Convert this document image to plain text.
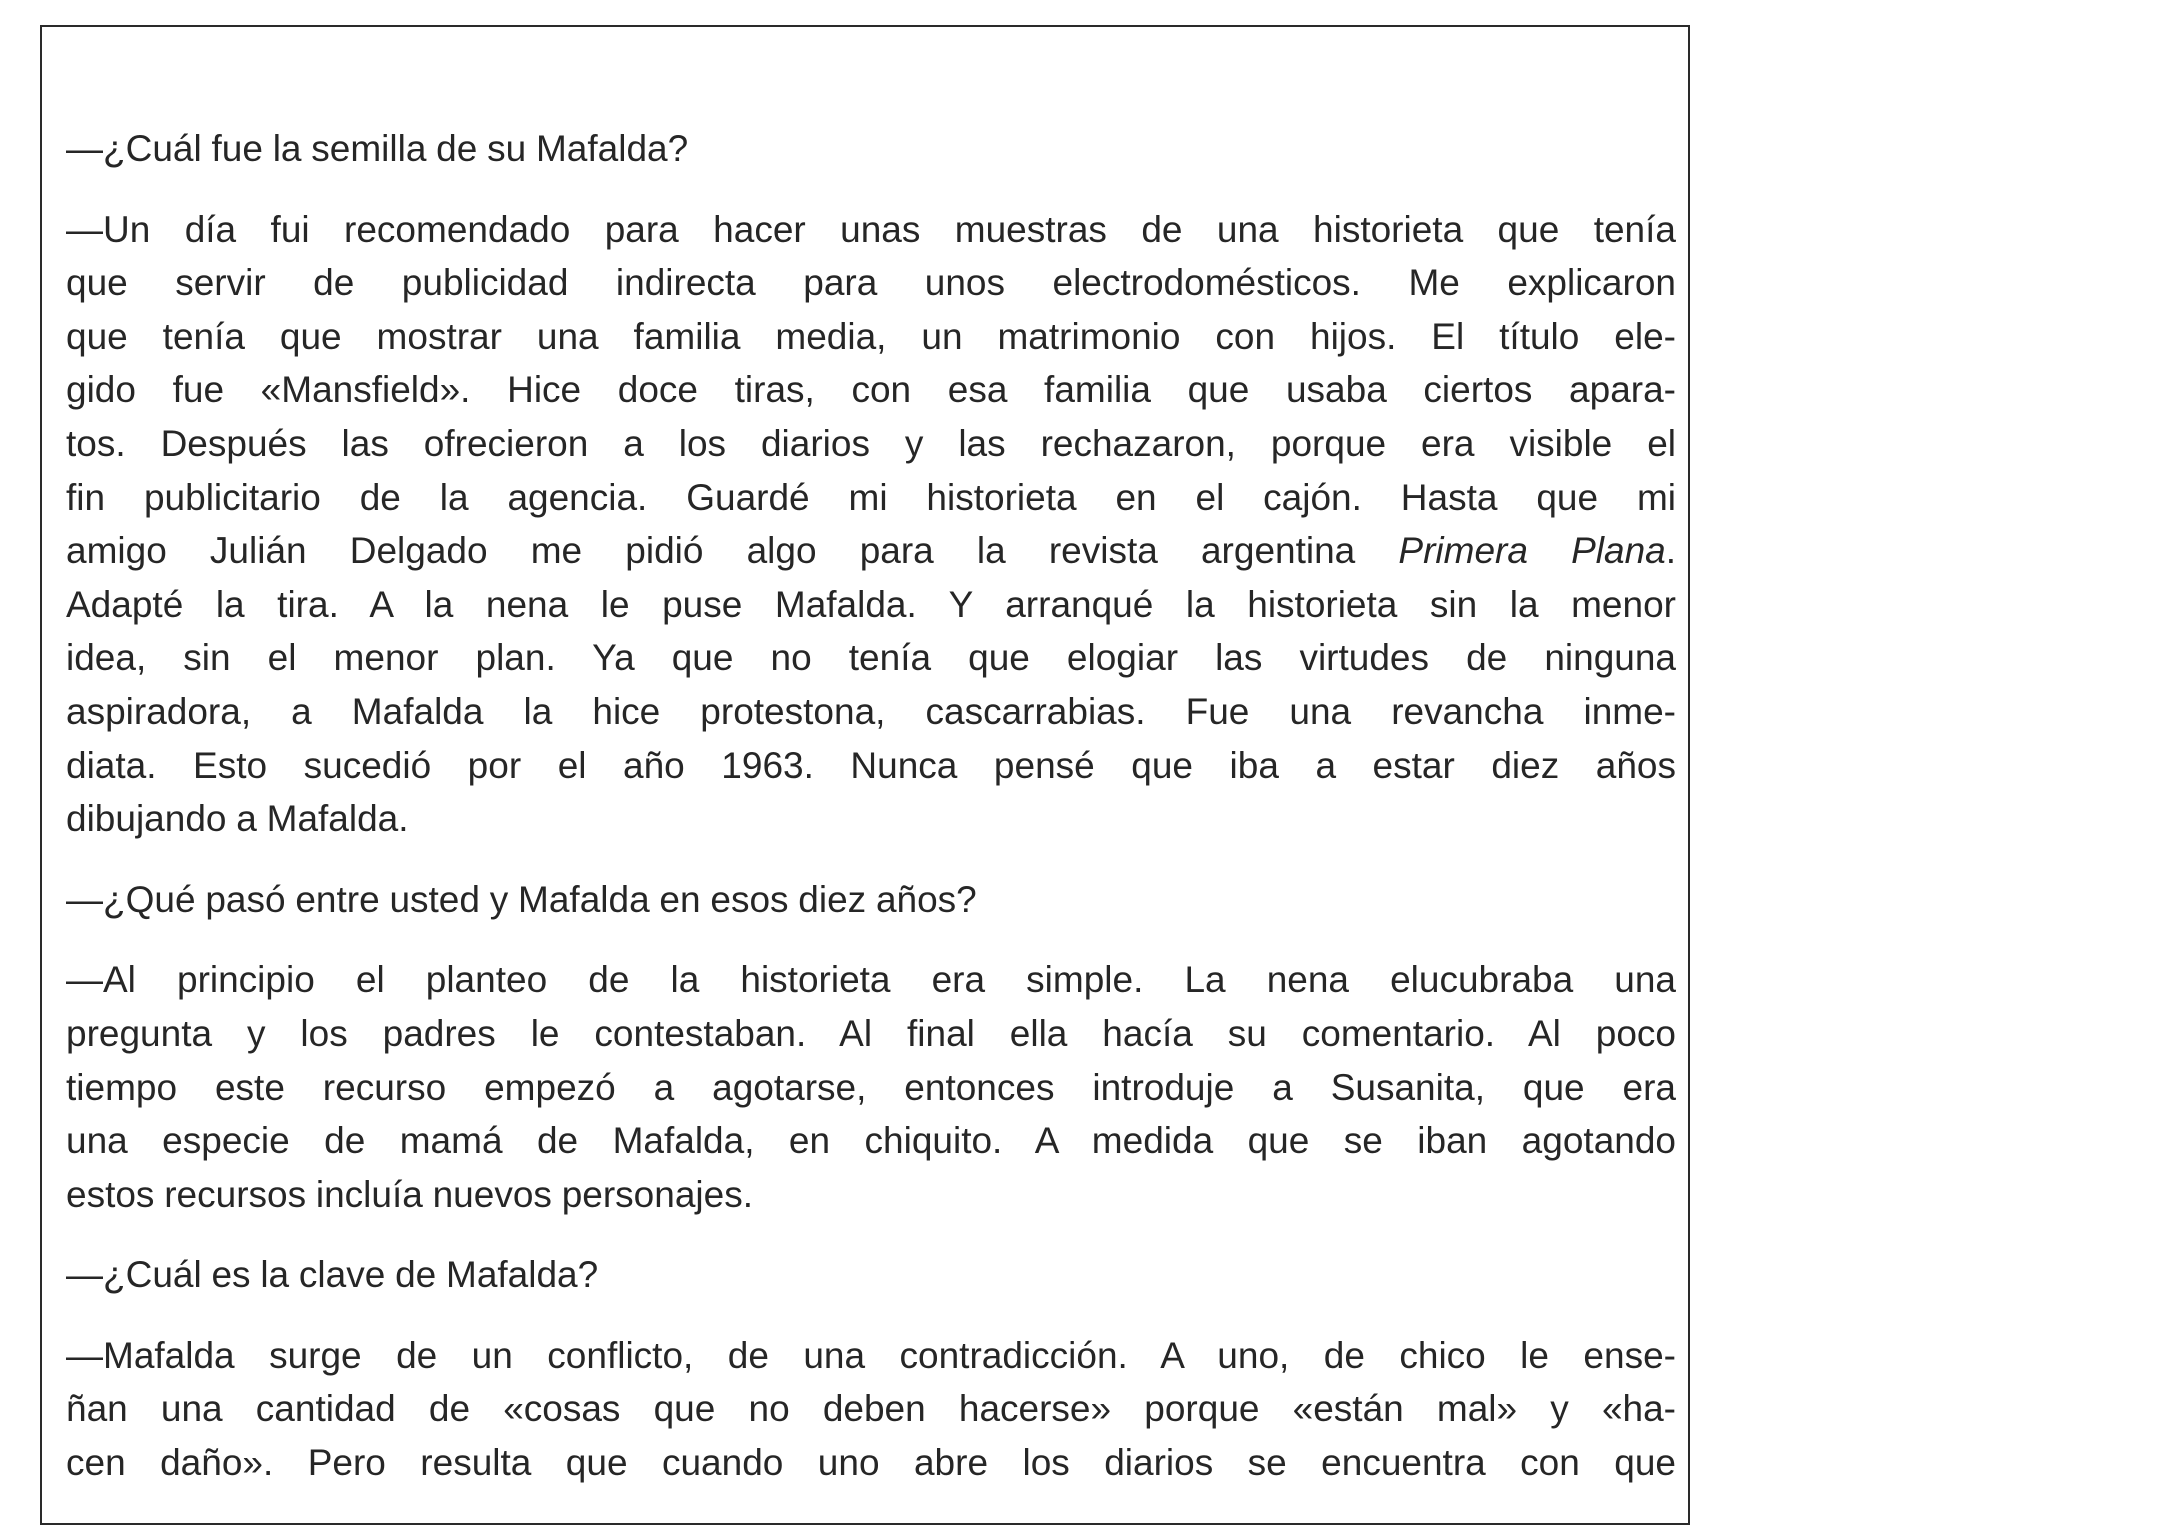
—¿Cuál fue la semilla de su Mafalda?

—Un día fui recomendado para hacer unas muestras de una historieta que tenía
que servir de publicidad indirecta para unos electrodomésticos. Me explicaron
que tenía que mostrar una familia media, un matrimonio con hijos. El título ele-
gido fue «Mansfield». Hice doce tiras, con esa familia que usaba ciertos apara-
tos. Después las ofrecieron a los diarios y las rechazaron, porque era visible el
fin publicitario de la agencia. Guardé mi historieta en el cajón. Hasta que mi
amigo Julián Delgado me pidió algo para la revista argentina Primera Plana.
Adapté la tira. A la nena le puse Mafalda. Y arranqué la historieta sin la menor
idea, sin el menor plan. Ya que no tenía que elogiar las virtudes de ninguna
aspiradora, a Mafalda la hice protestona, cascarrabias. Fue una revancha inme-
diata. Esto sucedió por el año 1963. Nunca pensé que iba a estar diez años
dibujando a Mafalda.

—¿Qué pasó entre usted y Mafalda en esos diez años?

—Al principio el planteo de la historieta era simple. La nena elucubraba una
pregunta y los padres le contestaban. Al final ella hacía su comentario. Al poco
tiempo este recurso empezó a agotarse, entonces introduje a Susanita, que era
una especie de mamá de Mafalda, en chiquito. A medida que se iban agotando
estos recursos incluía nuevos personajes.

—¿Cuál es la clave de Mafalda?

—Mafalda surge de un conflicto, de una contradicción. A uno, de chico le ense-
ñan una cantidad de «cosas que no deben hacerse» porque «están mal» y «ha-
cen daño». Pero resulta que cuando uno abre los diarios se encuentra con que
